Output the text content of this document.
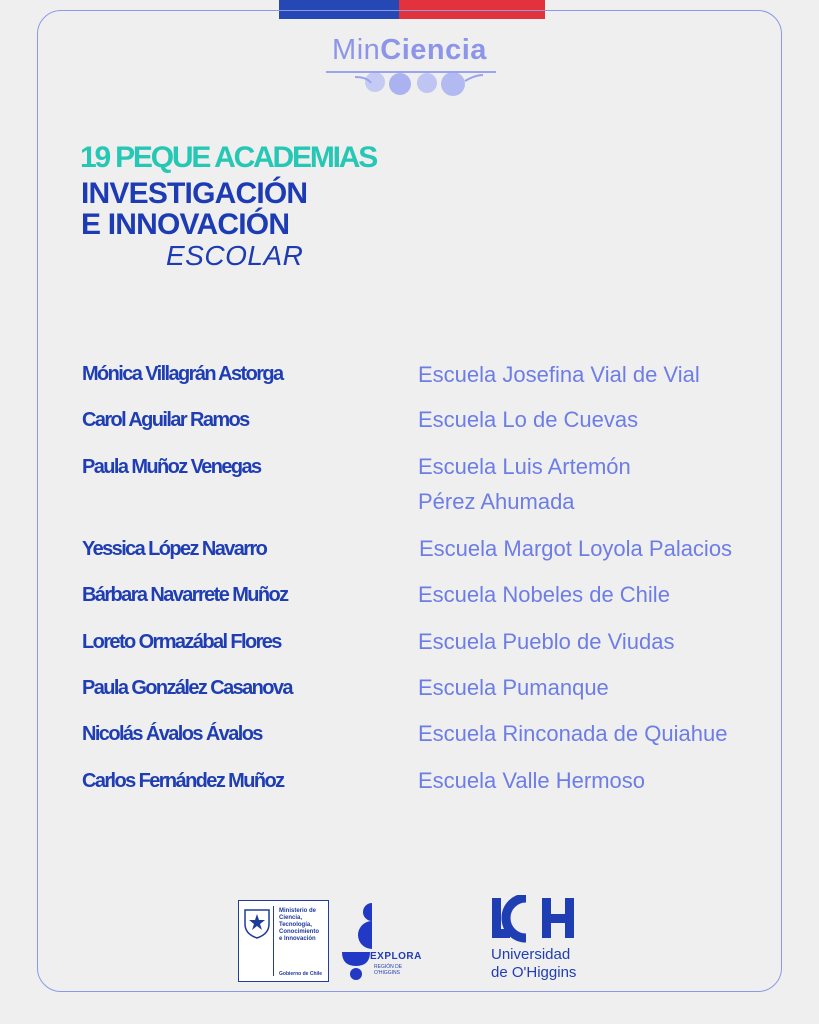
MinCiencia
19 PEQUE ACADEMIAS
INVESTIGACIÓN
E INNOVACIÓN
ESCOLAR
Mónica Villagrán Astorga	Escuela Josefina Vial de Vial
Carol Aguilar Ramos	Escuela Lo de Cuevas
Paula Muñoz Venegas	Escuela Luis Artemón
Pérez Ahumada
Yessica López Navarro	Escuela Margot Loyola Palacios
Bárbara Navarrete Muñoz	Escuela Nobeles de Chile
Loreto Ormazábal Flores	Escuela Pueblo de Viudas
Paula González Casanova	Escuela Pumanque
Nicolás Ávalos Ávalos	Escuela Rinconada de Quiahue
Carlos Fernández Muñoz	Escuela Valle Hermoso
Ministerio de
Ciencia,
Tecnología,
Conocimiento
e Innovación
Gobierno de Chile
EXPLORA
REGIÓN DE
O'HIGGINS
Universidad
de O'Higgins
